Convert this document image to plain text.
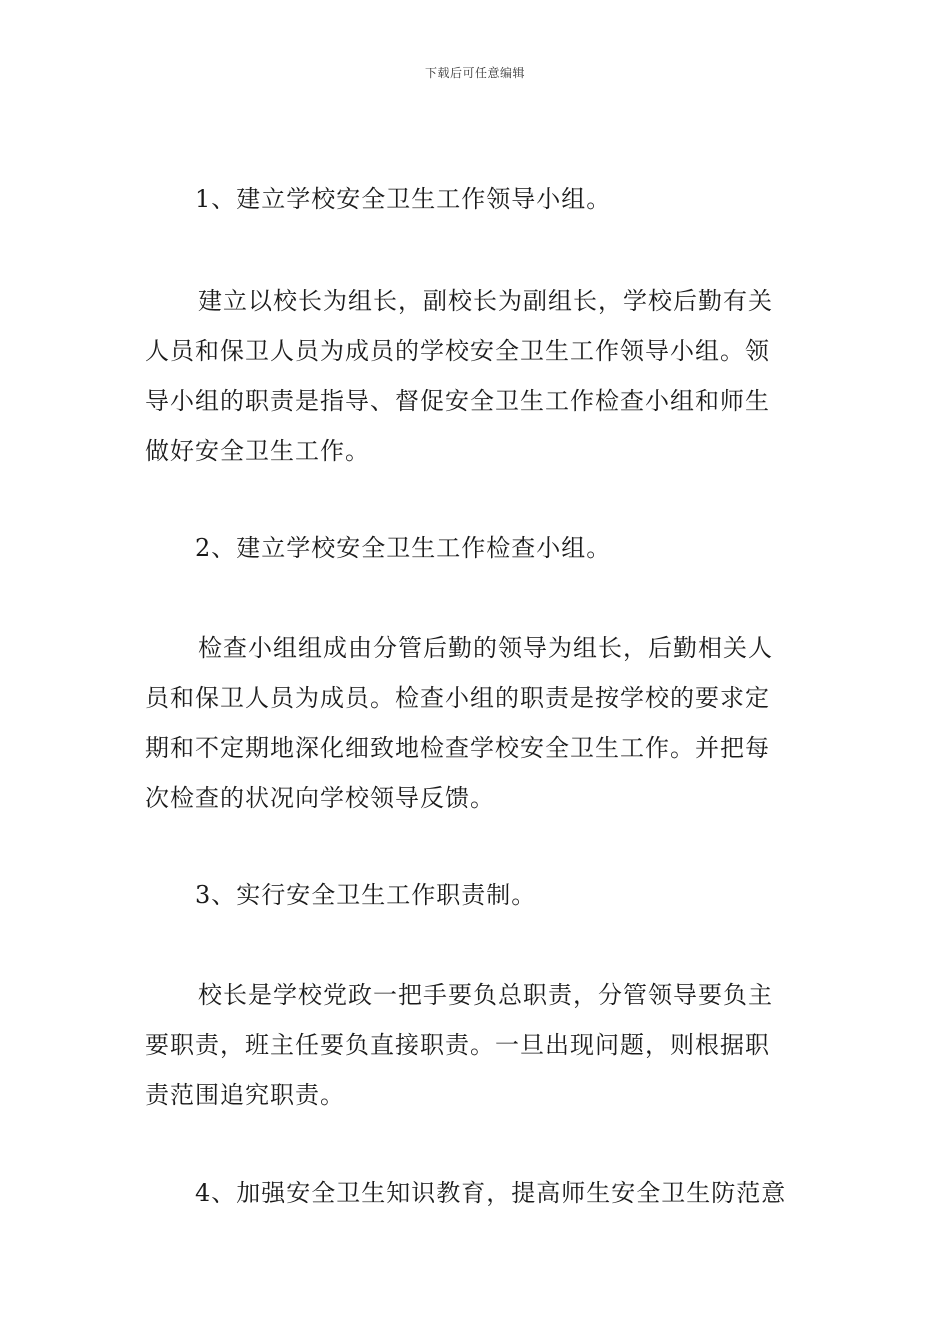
下载后可任意编辑
1、建立学校安全卫生工作领导小组。
建立以校长为组长，副校长为副组长，学校后勤有关
人员和保卫人员为成员的学校安全卫生工作领导小组。领
导小组的职责是指导、督促安全卫生工作检查小组和师生
做好安全卫生工作。
2、建立学校安全卫生工作检查小组。
检查小组组成由分管后勤的领导为组长，后勤相关人
员和保卫人员为成员。检查小组的职责是按学校的要求定
期和不定期地深化细致地检查学校安全卫生工作。并把每
次检查的状况向学校领导反馈。
3、实行安全卫生工作职责制。
校长是学校党政一把手要负总职责，分管领导要负主
要职责，班主任要负直接职责。一旦出现问题，则根据职
责范围追究职责。
4、加强安全卫生知识教育，提高师生安全卫生防范意
